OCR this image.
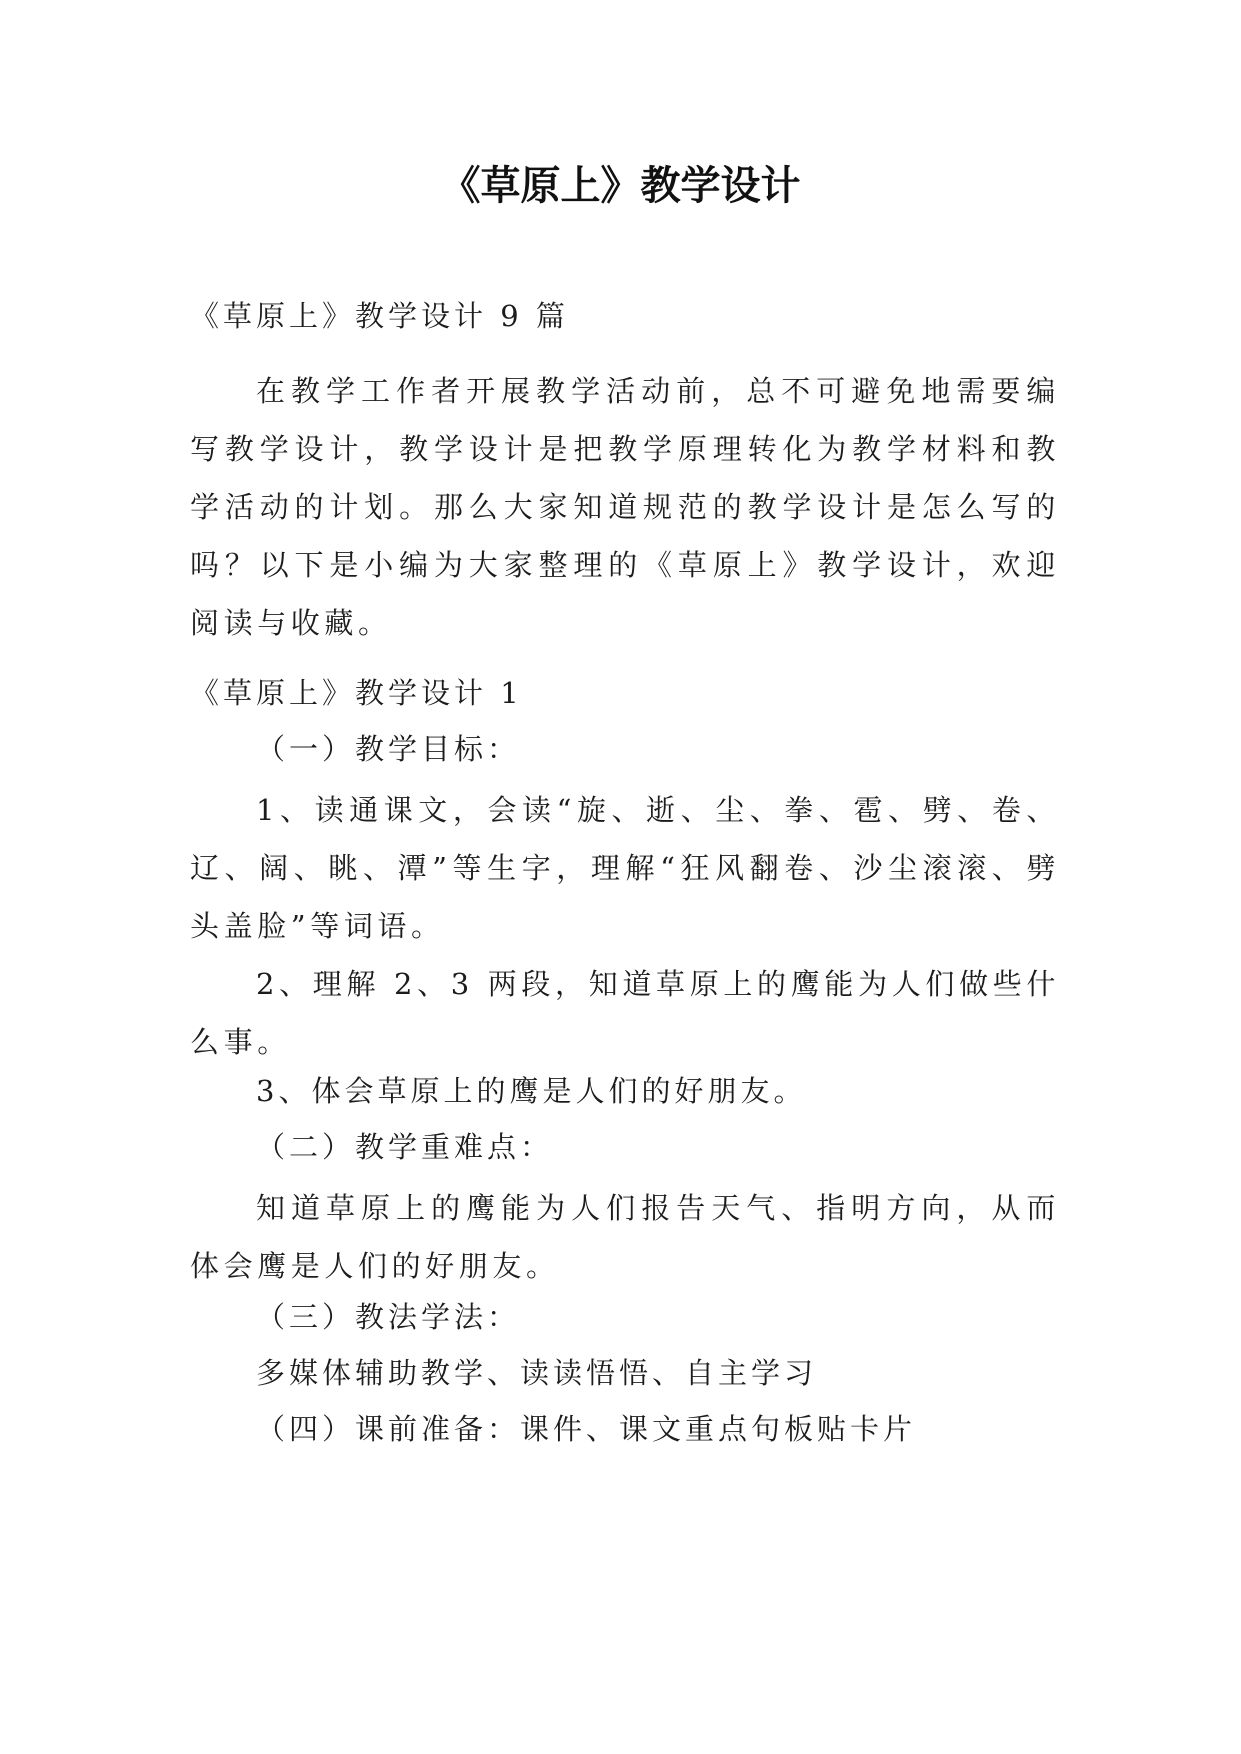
《草原上》教学设计
《草原上》教学设计 9 篇
在教学工作者开展教学活动前，总不可避免地需要编写教学设计，教学设计是把教学原理转化为教学材料和教学活动的计划。那么大家知道规范的教学设计是怎么写的吗？以下是小编为大家整理的《草原上》教学设计，欢迎阅读与收藏。
《草原上》教学设计 1
（一）教学目标：
1、读通课文，会读“旋、逝、尘、拳、雹、劈、卷、辽、阔、眺、潭”等生字，理解“狂风翻卷、沙尘滚滚、劈头盖脸”等词语。
2、理解 2、3 两段，知道草原上的鹰能为人们做些什么事。
3、体会草原上的鹰是人们的好朋友。
（二）教学重难点：
知道草原上的鹰能为人们报告天气、指明方向，从而体会鹰是人们的好朋友。
（三）教法学法：
多媒体辅助教学、读读悟悟、自主学习
（四）课前准备：课件、课文重点句板贴卡片
